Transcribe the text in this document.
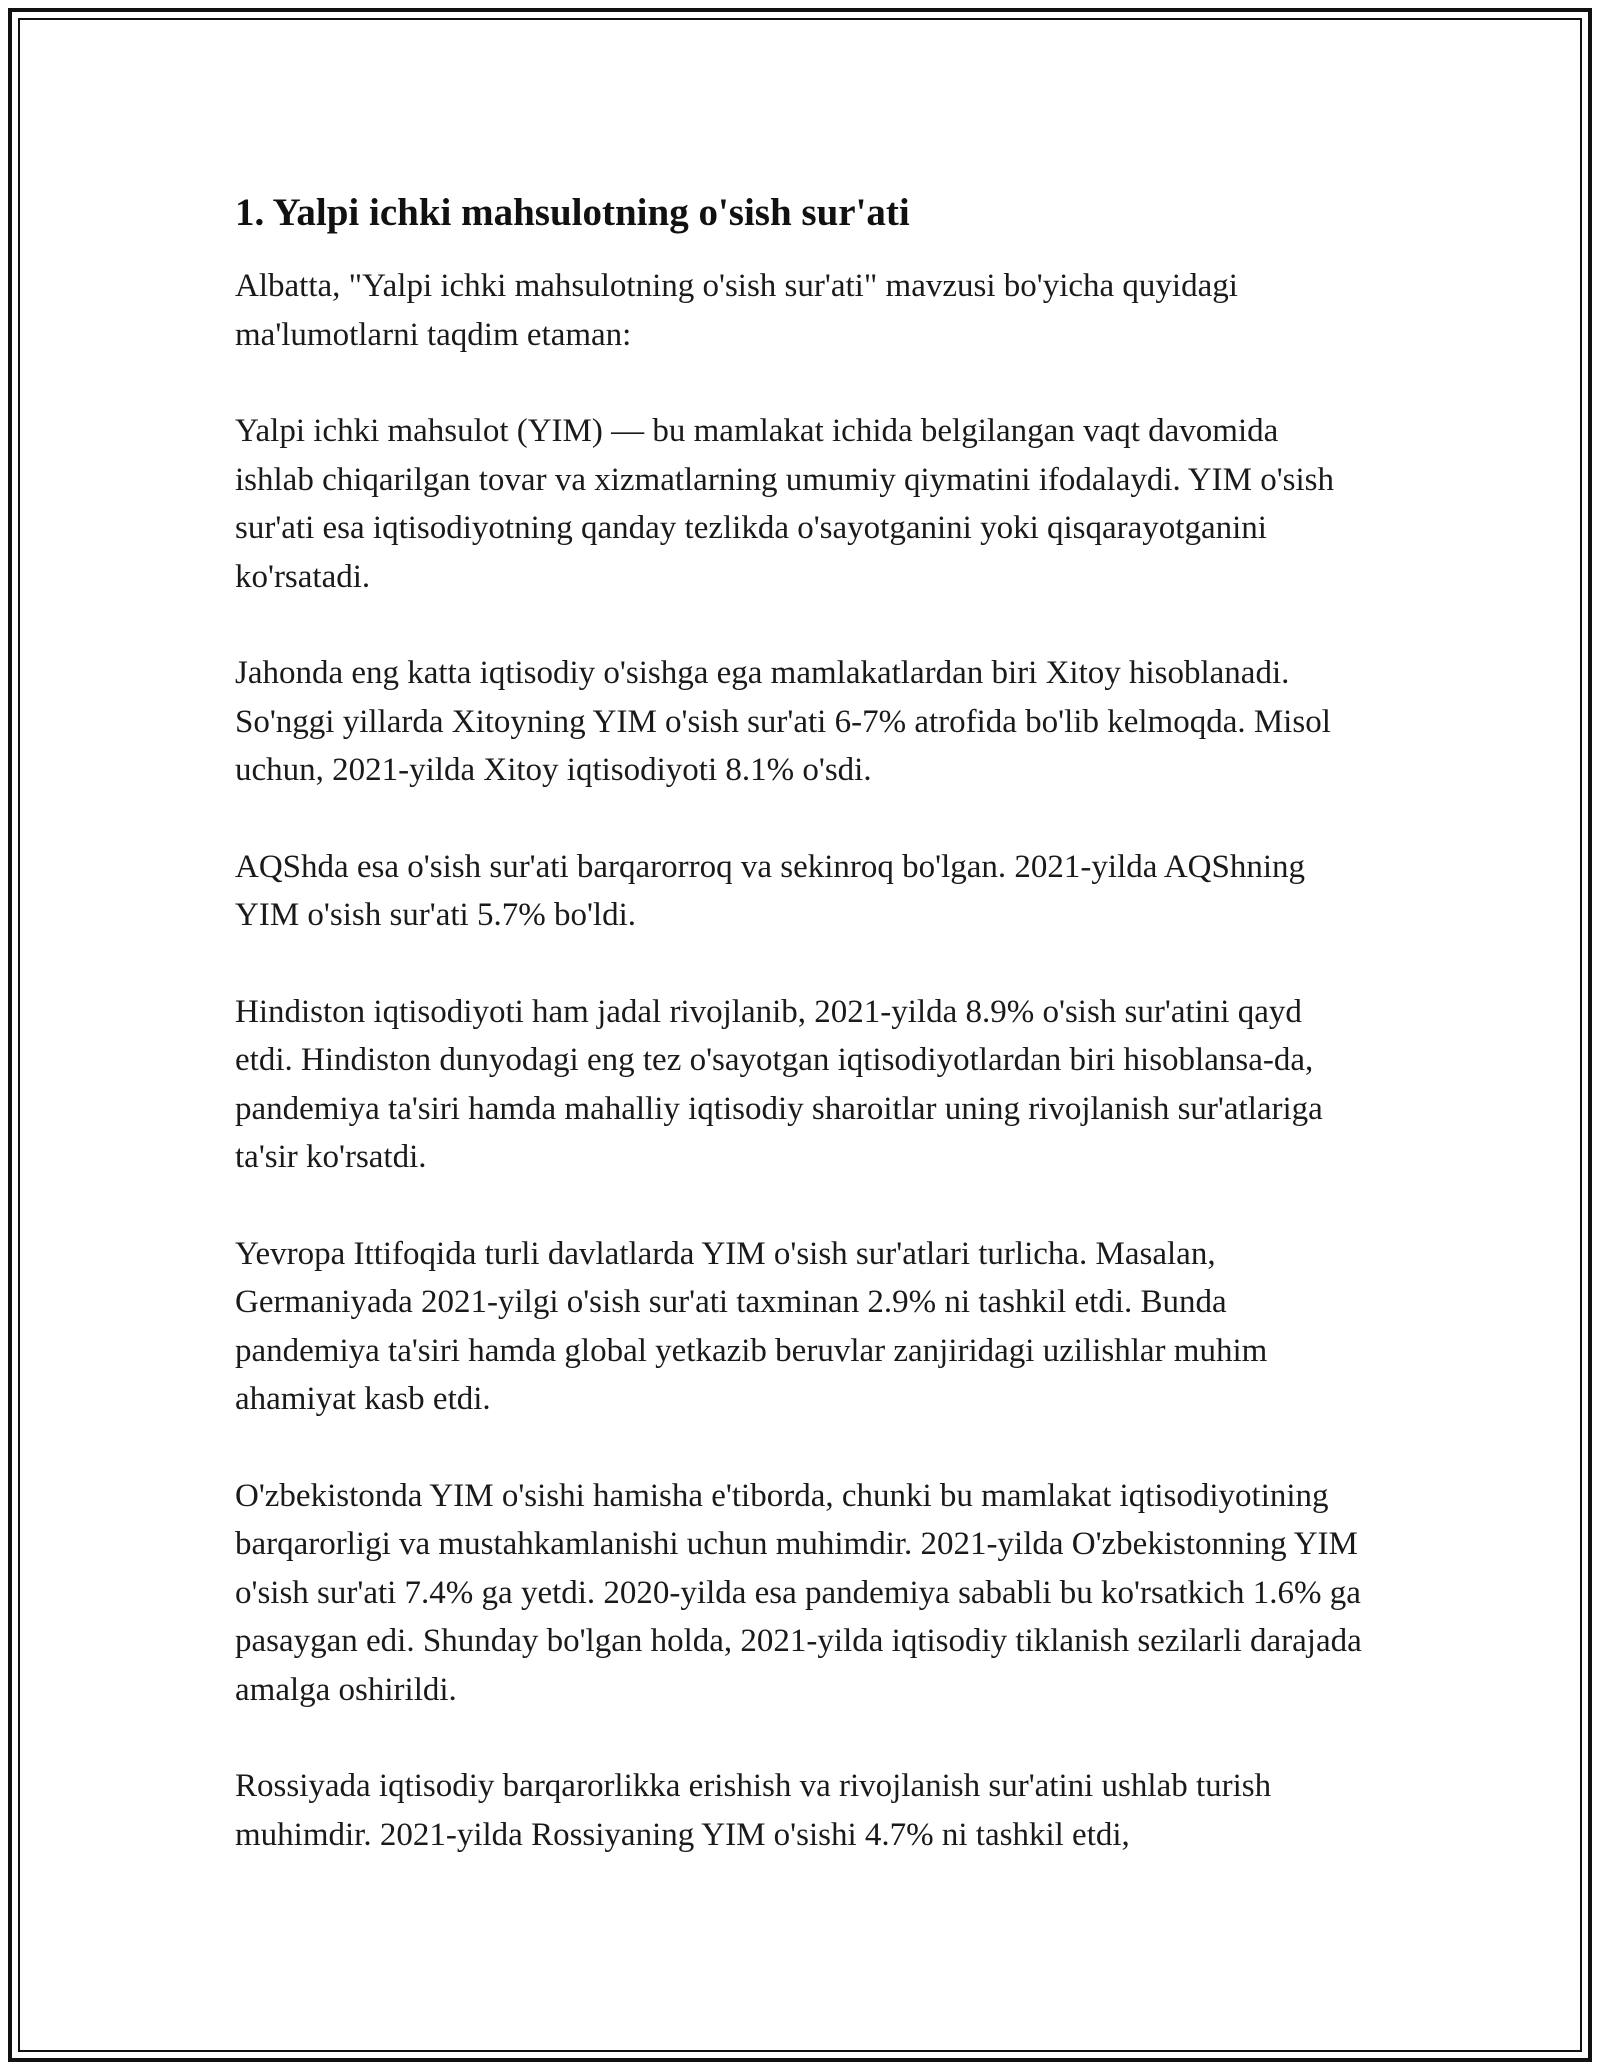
1. Yalpi ichki mahsulotning o'sish sur'ati

Albatta, "Yalpi ichki mahsulotning o'sish sur'ati" mavzusi bo'yicha quyidagi ma'lumotlarni taqdim etaman:

Yalpi ichki mahsulot (YIM) — bu mamlakat ichida belgilangan vaqt davomida ishlab chiqarilgan tovar va xizmatlarning umumiy qiymatini ifodalaydi. YIM o'sish sur'ati esa iqtisodiyotning qanday tezlikda o'sayotganini yoki qisqarayotganini ko'rsatadi.

Jahonda eng katta iqtisodiy o'sishga ega mamlakatlardan biri Xitoy hisoblanadi. So'nggi yillarda Xitoyning YIM o'sish sur'ati 6-7% atrofida bo'lib kelmoqda. Misol uchun, 2021-yilda Xitoy iqtisodiyoti 8.1% o'sdi.

AQShda esa o'sish sur'ati barqarorroq va sekinroq bo'lgan. 2021-yilda AQShning YIM o'sish sur'ati 5.7% bo'ldi.

Hindiston iqtisodiyoti ham jadal rivojlanib, 2021-yilda 8.9% o'sish sur'atini qayd etdi. Hindiston dunyodagi eng tez o'sayotgan iqtisodiyotlardan biri hisoblansa-da, pandemiya ta'siri hamda mahalliy iqtisodiy sharoitlar uning rivojlanish sur'atlariga ta'sir ko'rsatdi.

Yevropa Ittifoqida turli davlatlarda YIM o'sish sur'atlari turlicha. Masalan, Germaniyada 2021-yilgi o'sish sur'ati taxminan 2.9% ni tashkil etdi. Bunda pandemiya ta'siri hamda global yetkazib beruvlar zanjiridagi uzilishlar muhim ahamiyat kasb etdi.

O'zbekistonda YIM o'sishi hamisha e'tiborda, chunki bu mamlakat iqtisodiyotining barqarorligi va mustahkamlanishi uchun muhimdir. 2021-yilda O'zbekistonning YIM o'sish sur'ati 7.4% ga yetdi. 2020-yilda esa pandemiya sababli bu ko'rsatkich 1.6% ga pasaygan edi. Shunday bo'lgan holda, 2021-yilda iqtisodiy tiklanish sezilarli darajada amalga oshirildi.

Rossiyada iqtisodiy barqarorlikka erishish va rivojlanish sur'atini ushlab turish muhimdir. 2021-yilda Rossiyaning YIM o'sishi 4.7% ni tashkil etdi,
